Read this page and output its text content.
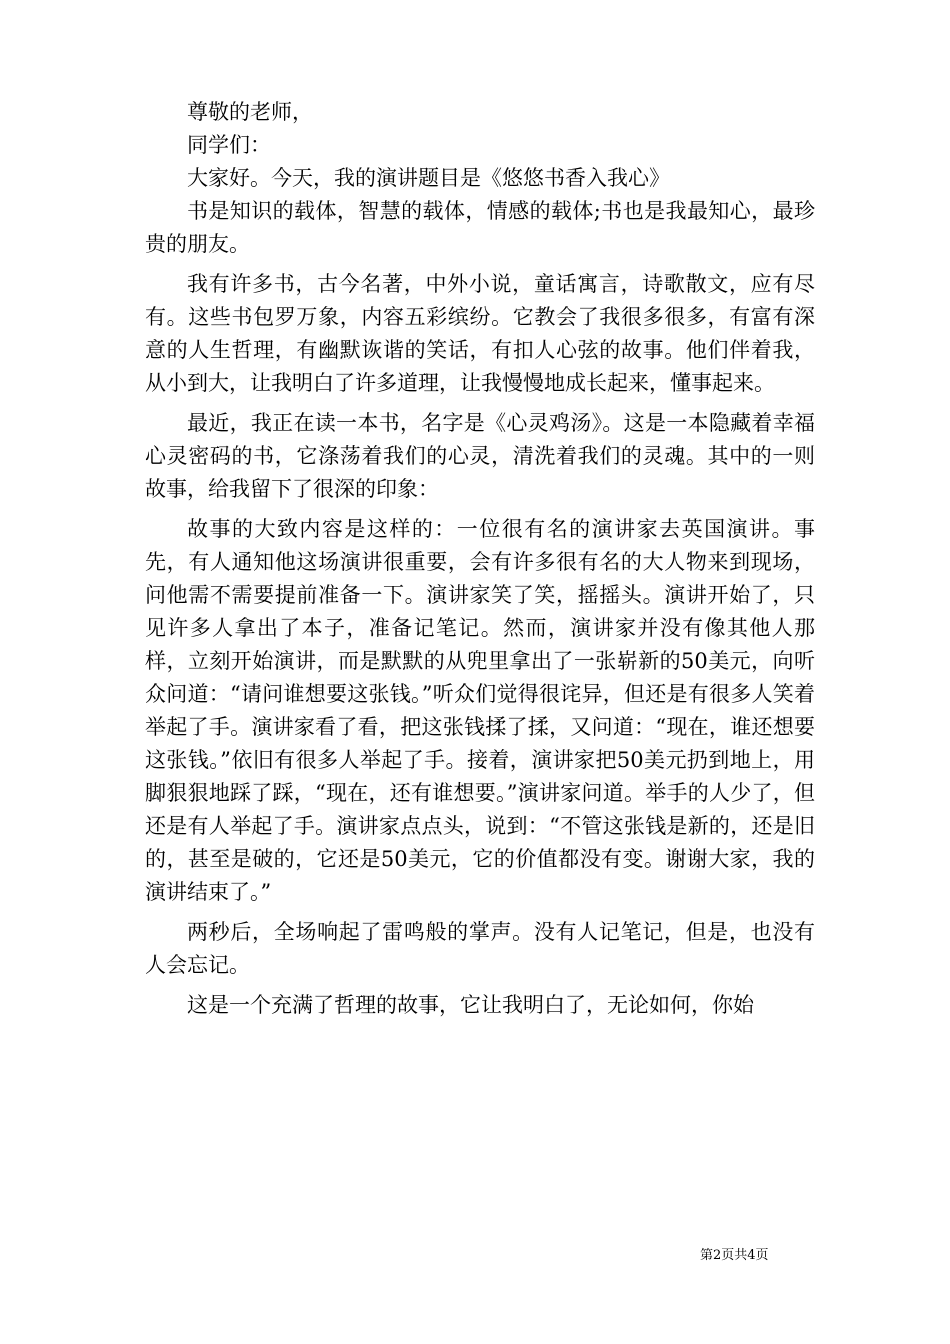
尊敬的老师，

同学们：

大家好。今天，我的演讲题目是《悠悠书香入我心》

书是知识的载体，智慧的载体，情感的载体;书也是我最知心，最珍贵的朋友。

我有许多书，古今名著，中外小说，童话寓言，诗歌散文，应有尽有。这些书包罗万象，内容五彩缤纷。它教会了我很多很多，有富有深意的人生哲理，有幽默诙谐的笑话，有扣人心弦的故事。他们伴着我，从小到大，让我明白了许多道理，让我慢慢地成长起来，懂事起来。

最近，我正在读一本书，名字是《心灵鸡汤》。这是一本隐藏着幸福心灵密码的书，它涤荡着我们的心灵，清洗着我们的灵魂。其中的一则故事，给我留下了很深的印象：

故事的大致内容是这样的：一位很有名的演讲家去英国演讲。事先，有人通知他这场演讲很重要，会有许多很有名的大人物来到现场，问他需不需要提前准备一下。演讲家笑了笑，摇摇头。演讲开始了，只见许多人拿出了本子，准备记笔记。然而，演讲家并没有像其他人那样，立刻开始演讲，而是默默的从兜里拿出了一张崭新的50美元，向听众问道：“请问谁想要这张钱。”听众们觉得很诧异，但还是有很多人笑着举起了手。演讲家看了看，把这张钱揉了揉，又问道：“现在，谁还想要这张钱。”依旧有很多人举起了手。接着，演讲家把50美元扔到地上，用脚狠狠地踩了踩，“现在，还有谁想要。”演讲家问道。举手的人少了，但还是有人举起了手。演讲家点点头，说到：“不管这张钱是新的，还是旧的，甚至是破的，它还是50美元，它的价值都没有变。谢谢大家，我的演讲结束了。”

两秒后，全场响起了雷鸣般的掌声。没有人记笔记，但是，也没有人会忘记。

这是一个充满了哲理的故事，它让我明白了，无论如何，你始

第2页共4页
